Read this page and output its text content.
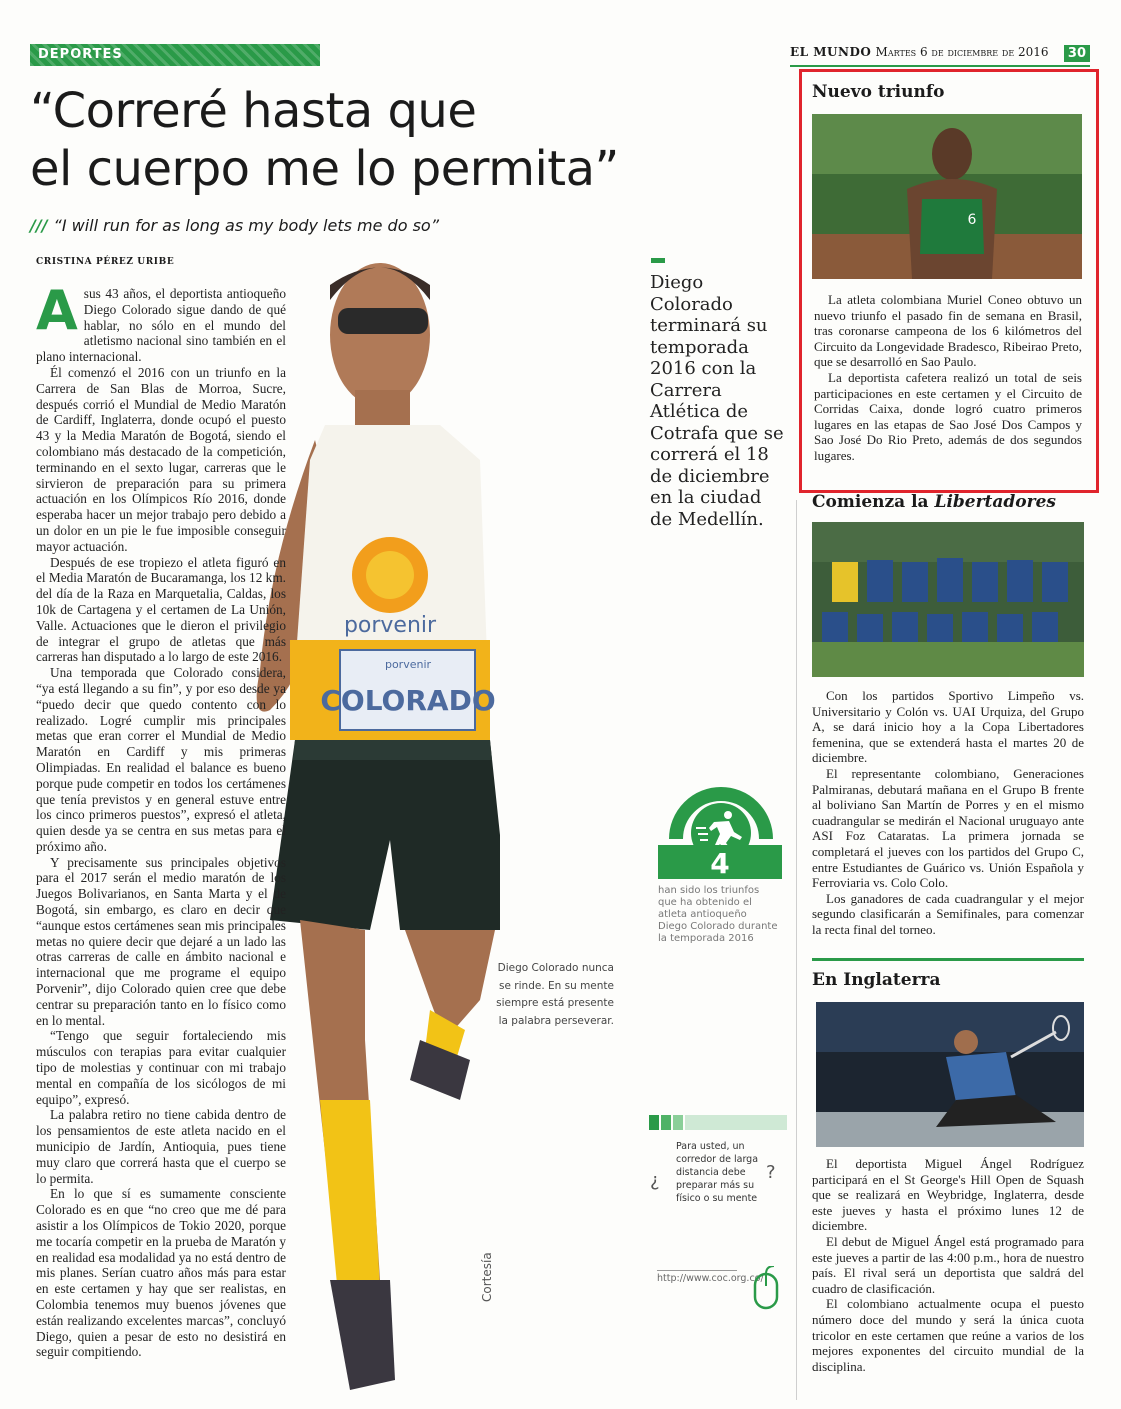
DEPORTES	EL MUNDO Martes 6 de diciembre de 2016	30
“Correré hasta que
el cuerpo me lo permita”
/// “I will run for as long as my body lets me do so”
CRISTINA PÉREZ URIBE
porvenir
porvenir
COLORADO

Asus 43 años, el deportista antioqueño Diego Colorado sigue dando de qué hablar, no sólo en el mundo del atletismo nacional sino también en el plano internacional.

Él comenzó el 2016 con un triunfo en la Carrera de San Blas de Morroa, Sucre, después corrió el Mundial de Medio Maratón de Cardiff, Inglaterra, donde ocupó el puesto 43 y la Media Maratón de Bogotá, siendo el colombiano más destacado de la competición, terminando en el sexto lugar, carreras que le sirvieron de preparación para su primera actuación en los Olímpicos Río 2016, donde esperaba hacer un mejor trabajo pero debido a un dolor en un pie le fue imposible conseguir mayor actuación.

Después de ese tropiezo el atleta figuró en el Media Maratón de Bucaramanga, los 12 km. del día de la Raza en Marquetalia, Caldas, los 10k de Cartagena y el certamen de La Unión, Valle. Actuaciones que le dieron el privilegio de integrar el grupo de atletas que más carreras han disputado a lo largo de este 2016.

Una temporada que Colorado considera, “ya está llegando a su fin”, y por eso desde ya “puedo decir que quedo contento con lo realizado. Logré cumplir mis principales metas que eran correr el Mundial de Medio Maratón en Cardiff y mis primeras Olimpiadas. En realidad el balance es bueno porque pude competir en todos los certámenes que tenía previstos y en general estuve entre los cinco primeros puestos”, expresó el atleta, quien desde ya se centra en sus metas para el próximo año.

Y precisamente sus principales objetivos para el 2017 serán el medio maratón de los Juegos Bolivarianos, en Santa Marta y el de Bogotá, sin embargo, es claro en decir que “aunque estos certámenes sean mis principales metas no quiere decir que dejaré a un lado las otras carreras de calle en ámbito nacional e internacional que me programe el equipo Porvenir”, dijo Colorado quien cree que debe centrar su preparación tanto en lo físico como en lo mental.

“Tengo que seguir fortaleciendo mis músculos con terapias para evitar cualquier tipo de molestias y continuar con mi trabajo mental en compañía de los sicólogos de mi equipo”, expresó.

La palabra retiro no tiene cabida dentro de los pensamientos de este atleta nacido en el municipio de Jardín, Antioquia, pues tiene muy claro que correrá hasta que el cuerpo se lo permita.

En lo que sí es sumamente consciente Colorado es en que “no creo que me dé para asistir a los Olímpicos de Tokio 2020, porque me tocaría competir en la prueba de Maratón y en realidad esa modalidad ya no está dentro de mis planes. Serían cuatro años más para estar en este certamen y hay que ser realistas, en Colombia tenemos muy buenos jóvenes que están realizando excelentes marcas”, concluyó Diego, quien a pesar de esto no desistirá en seguir compitiendo.

Diego Colorado terminará su temporada 2016 con la Carrera Atlética de Cotrafa que se correrá el 18 de diciembre en la ciudad de Medellín.
4
han sido los triunfos que ha obtenido el atleta antioqueño Diego Colorado durante la temporada 2016
Diego Colorado nunca se rinde. En su mente siempre está presente la palabra perseverar.
Cortesía
¿
Para usted, un corredor de larga distancia debe preparar más su físico o su mente
?
http://www.coc.org.co/
Nuevo triunfo
6

La atleta colombiana Muriel Coneo obtuvo un nuevo triunfo el pasado fin de semana en Brasil, tras coronarse campeona de los 6 kilómetros del Circuito da Longevidade Bradesco, Ribeirao Preto, que se desarrolló en Sao Paulo.

La deportista cafetera realizó un total de seis participaciones en este certamen y el Circuito de Corridas Caixa, donde logró cuatro primeros lugares en las etapas de Sao José Dos Campos y Sao José Do Rio Preto, además de dos segundos lugares.

Comienza la Libertadores

Con los partidos Sportivo Limpeño vs. Universitario y Colón vs. UAI Urquiza, del Grupo A, se dará inicio hoy a la Copa Libertadores femenina, que se extenderá hasta el martes 20 de diciembre.

El representante colombiano, Generaciones Palmiranas, debutará mañana en el Grupo B frente al boliviano San Martín de Porres y en el mismo cuadrangular se medirán el Nacional uruguayo ante ASI Foz Cataratas. La primera jornada se completará el jueves con los partidos del Grupo C, entre Estudiantes de Guárico vs. Unión Española y Ferroviaria vs. Colo Colo.

Los ganadores de cada cuadrangular y el mejor segundo clasificarán a Semifinales, para comenzar la recta final del torneo.

En Inglaterra

El deportista Miguel Ángel Rodríguez participará en el St George's Hill Open de Squash que se realizará en Weybridge, Inglaterra, desde este jueves y hasta el próximo lunes 12 de diciembre.

El debut de Miguel Ángel está programado para este jueves a partir de las 4:00 p.m., hora de nuestro país. El rival será un deportista que saldrá del cuadro de clasificación.

El colombiano actualmente ocupa el puesto número doce del mundo y será la única cuota tricolor en este certamen que reúne a varios de los mejores exponentes del circuito mundial de la disciplina.
